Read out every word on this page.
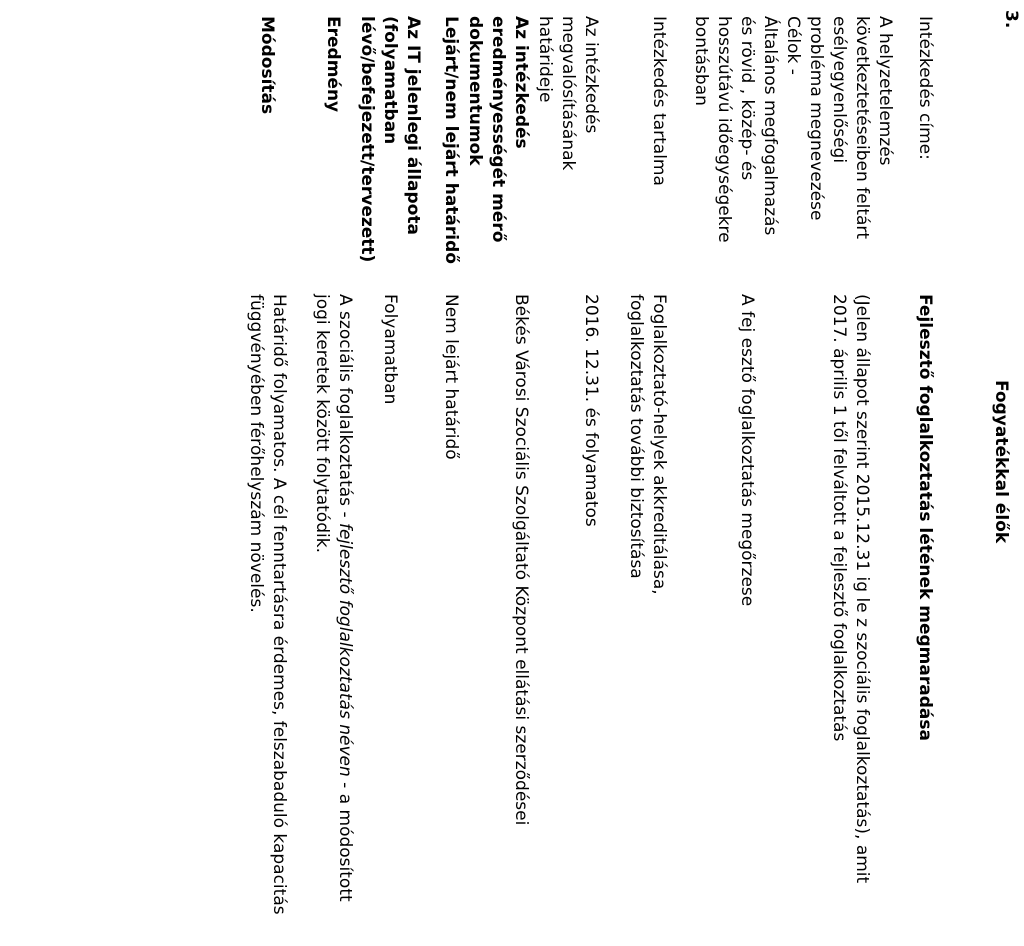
3.
Fogyatékkal élők
Intézkedés címe:
Fejlesztő foglalkoztatás létének megmaradása
A helyzetelemzés
következtetéseiben feltárt
esélyegyenlőségi
probléma megnevezése
(Jelen állapot szerint 2015.12.31 ig le z szociális foglalkoztatás), amit
2017. április 1 től felváltott a fejlesztő foglalkoztatás
Célok -
Általános megfogalmazás
és rövid , közép- és
hosszútávú időegységekre
bontásban
A fej esztő foglalkoztatás megőrzese
Intézkedés tartalma
Foglalkoztató-helyek akkreditálása,
foglalkoztatás további biztosítása
Az intézkedés
megvalósításának
határideje
2016. 12.31. és folyamatos
Az intézkedés
eredményességét mérő
dokumentumok
Békés Városi Szociális Szolgáltató Központ ellátási szerződései
Lejárt/nem lejárt határidő
Nem lejárt határidő
Az IT jelenlegi állapota
(folyamatban
lévő/befejezett/tervezett)
Folyamatban
Eredmény
A szociális foglalkoztatás - fejlesztő foglalkoztatás néven - a módosított
jogi keretek között folytatódik.
Módosítás
Határidő folyamatos. A cél fenntartásra érdemes, felszabaduló kapacitás
függvényében férőhelyszám növelés.
